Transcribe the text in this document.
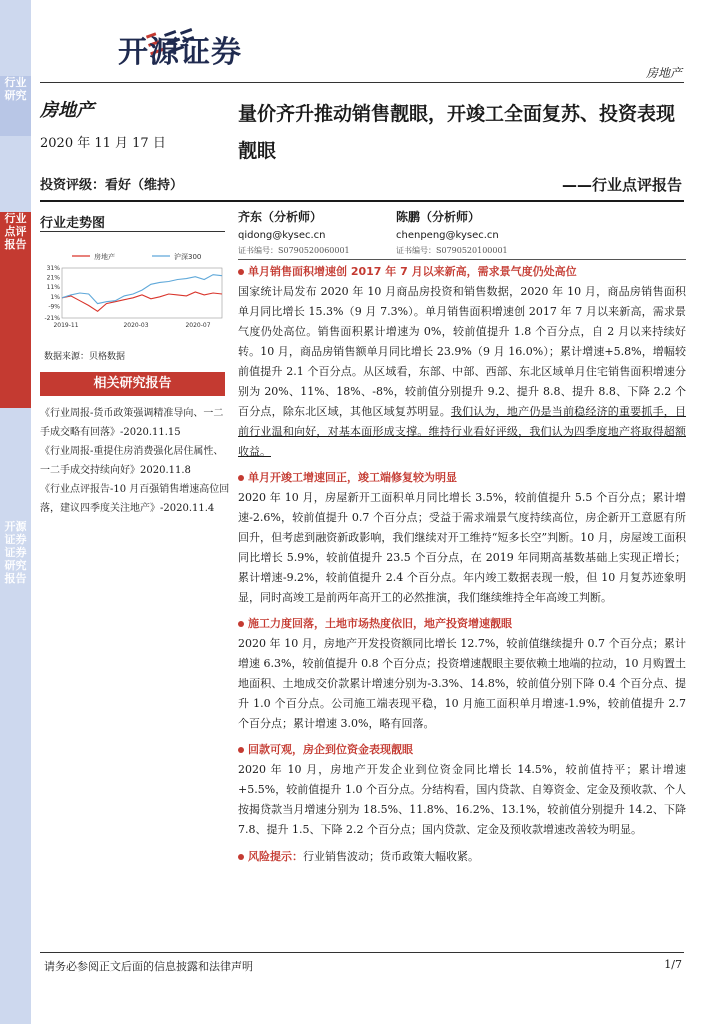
行业研究
行业点评报告
开源证券证券研究报告
开源证券
房地产
房地产
2020 年 11 月 17 日
投资评级：看好（维持）
量价齐升推动销售靓眼，开竣工全面复苏、投资表现靓眼
——行业点评报告
行业走势图
31%
21%
11%
1%
-9%
-21%
2019-11	2020-03	2020-07
房地产	沪深300
数据来源：贝格数据
相关研究报告
《行业周报-货币政策强调精准导向、一二手成交略有回落》-2020.11.15
《行业周报-重提住房消费强化居住属性、一二手成交持续向好》2020.11.8
《行业点评报告-10 月百强销售增速高位回落，建议四季度关注地产》-2020.11.4
齐东（分析师）
qidong@kysec.cn
证书编号：S0790520060001
陈鹏（分析师）
chenpeng@kysec.cn
证书编号：S0790520100001
单月销售面积增速创 2017 年 7 月以来新高，需求景气度仍处高位
国家统计局发布 2020 年 10 月商品房投资和销售数据，2020 年 10 月，商品房销售面积单月同比增长 15.3%（9 月 7.3%）。单月销售面积增速创 2017 年 7 月以来新高，需求景气度仍处高位。销售面积累计增速为 0%，较前值提升 1.8 个百分点，自 2 月以来持续好转。10 月，商品房销售额单月同比增长 23.9%（9 月 16.0%）；累计增速+5.8%，增幅较前值提升 2.1 个百分点。从区域看，东部、中部、西部、东北区域单月住宅销售面积增速分别为 20%、11%、18%、-8%，较前值分别提升 9.2、提升 8.8、提升 8.8、下降 2.2 个百分点，除东北区域，其他区域复苏明显。我们认为，地产仍是当前稳经济的重要抓手，目前行业温和向好，对基本面形成支撑。维持行业看好评级，我们认为四季度地产将取得超额收益。
单月开竣工增速回正，竣工端修复较为明显
2020 年 10 月，房屋新开工面积单月同比增长 3.5%，较前值提升 5.5 个百分点；累计增速-2.6%，较前值提升 0.7 个百分点；受益于需求端景气度持续高位，房企新开工意愿有所回升，但考虑到融资新政影响，我们继续对开工维持“短多长空”判断。10 月，房屋竣工面积同比增长 5.9%，较前值提升 23.5 个百分点，在 2019 年同期高基数基础上实现正增长；累计增速-9.2%，较前值提升 2.4 个百分点。年内竣工数据表现一般，但 10 月复苏迹象明显，同时高竣工是前两年高开工的必然推演，我们继续维持全年高竣工判断。
施工力度回落，土地市场热度依旧，地产投资增速靓眼
2020 年 10 月，房地产开发投资额同比增长 12.7%，较前值继续提升 0.7 个百分点；累计增速 6.3%，较前值提升 0.8 个百分点；投资增速靓眼主要依赖土地端的拉动，10 月购置土地面积、土地成交价款累计增速分别为-3.3%、14.8%，较前值分别下降 0.4 个百分点、提升 1.0 个百分点。公司施工端表现平稳，10 月施工面积单月增速-1.9%，较前值提升 2.7 个百分点；累计增速 3.0%，略有回落。
回款可观，房企到位资金表现靓眼
2020 年 10 月，房地产开发企业到位资金同比增长 14.5%，较前值持平；累计增速+5.5%，较前值提升 1.0 个百分点。分结构看，国内贷款、自筹资金、定金及预收款、个人按揭贷款当月增速分别为 18.5%、11.8%、16.2%、13.1%，较前值分别提升 14.2、下降 7.8、提升 1.5、下降 2.2 个百分点；国内贷款、定金及预收款增速改善较为明显。
风险提示：行业销售波动；货币政策大幅收紧。
请务必参阅正文后面的信息披露和法律声明	1/7
